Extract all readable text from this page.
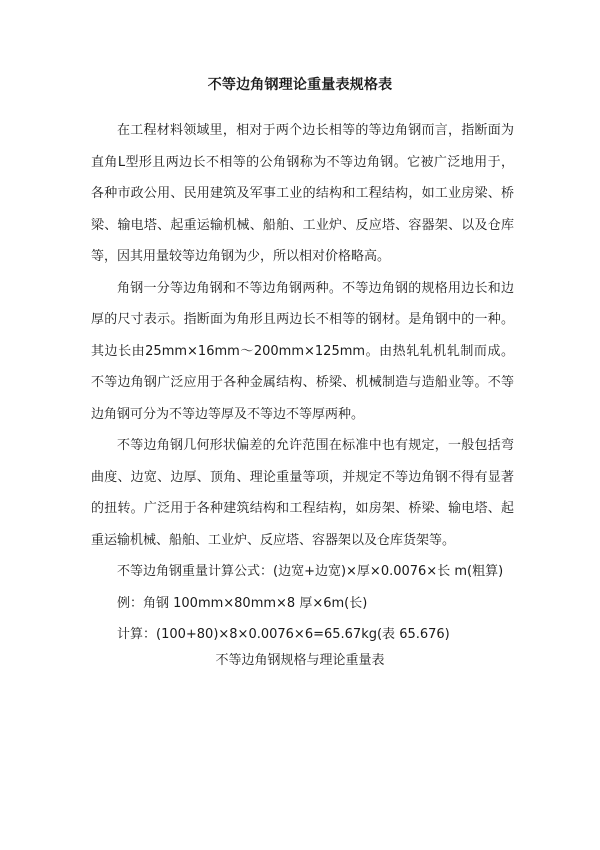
不等边角钢理论重量表规格表

在工程材料领域里，相对于两个边长相等的等边角钢而言，指断面为直角L型形且两边长不相等的公角钢称为不等边角钢。它被广泛地用于，各种市政公用、民用建筑及军事工业的结构和工程结构，如工业房梁、桥梁、输电塔、起重运输机械、船舶、工业炉、反应塔、容器架、以及仓库等，因其用量较等边角钢为少，所以相对价格略高。

角钢一分等边角钢和不等边角钢两种。不等边角钢的规格用边长和边厚的尺寸表示。指断面为角形且两边长不相等的钢材。是角钢中的一种。其边长由25mm×16mm～200mm×125mm。由热轧轧机轧制而成。不等边角钢广泛应用于各种金属结构、桥梁、机械制造与造船业等。不等边角钢可分为不等边等厚及不等边不等厚两种。

不等边角钢几何形状偏差的允许范围在标准中也有规定，一般包括弯曲度、边宽、边厚、顶角、理论重量等项，并规定不等边角钢不得有显著的扭转。广泛用于各种建筑结构和工程结构，如房架、桥梁、输电塔、起重运输机械、船舶、工业炉、反应塔、容器架以及仓库货架等。

不等边角钢重量计算公式：(边宽+边宽)×厚×0.0076×长 m(粗算)

例：角钢 100mm×80mm×8 厚×6m(长)

计算：(100+80)×8×0.0076×6=65.67kg(表 65.676)

不等边角钢规格与理论重量表
